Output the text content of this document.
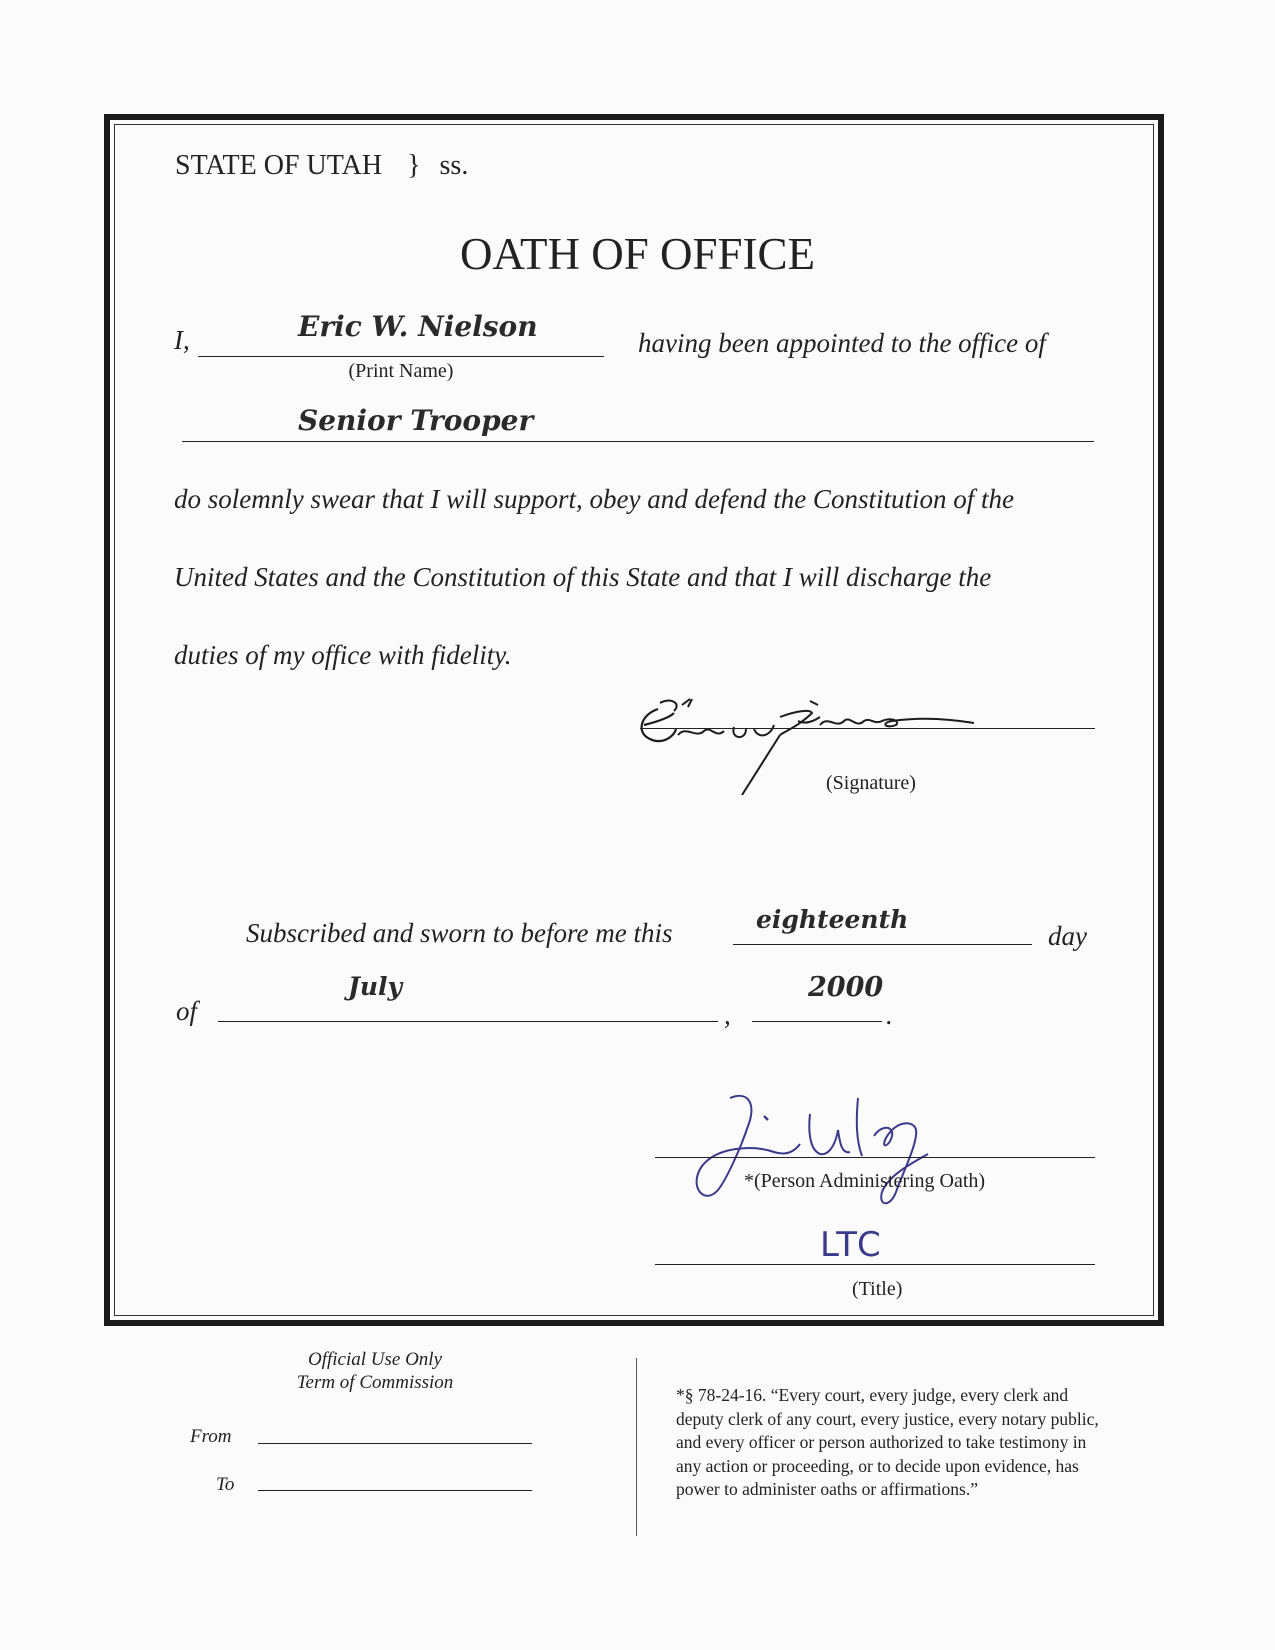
STATE OF UTAH } ss.
OATH OF OFFICE
I,	Eric W. Nielson
(Print Name)
having been appointed to the office of
Senior Trooper
do solemnly swear that I will support, obey and defend the Constitution of the
United States and the Constitution of this State and that I will discharge the
duties of my office with fidelity.
(Signature)
Subscribed and sworn to before me this	eighteenth
day
of
July
,
2000
.
*(Person Administering Oath)
LTC
(Title)
Official Use Only
Term of Commission
From
To
*§ 78-24-16. “Every court, every judge, every clerk and
deputy clerk of any court, every justice, every notary public,
and every officer or person authorized to take testimony in
any action or proceeding, or to decide upon evidence, has
power to administer oaths or affirmations.”
